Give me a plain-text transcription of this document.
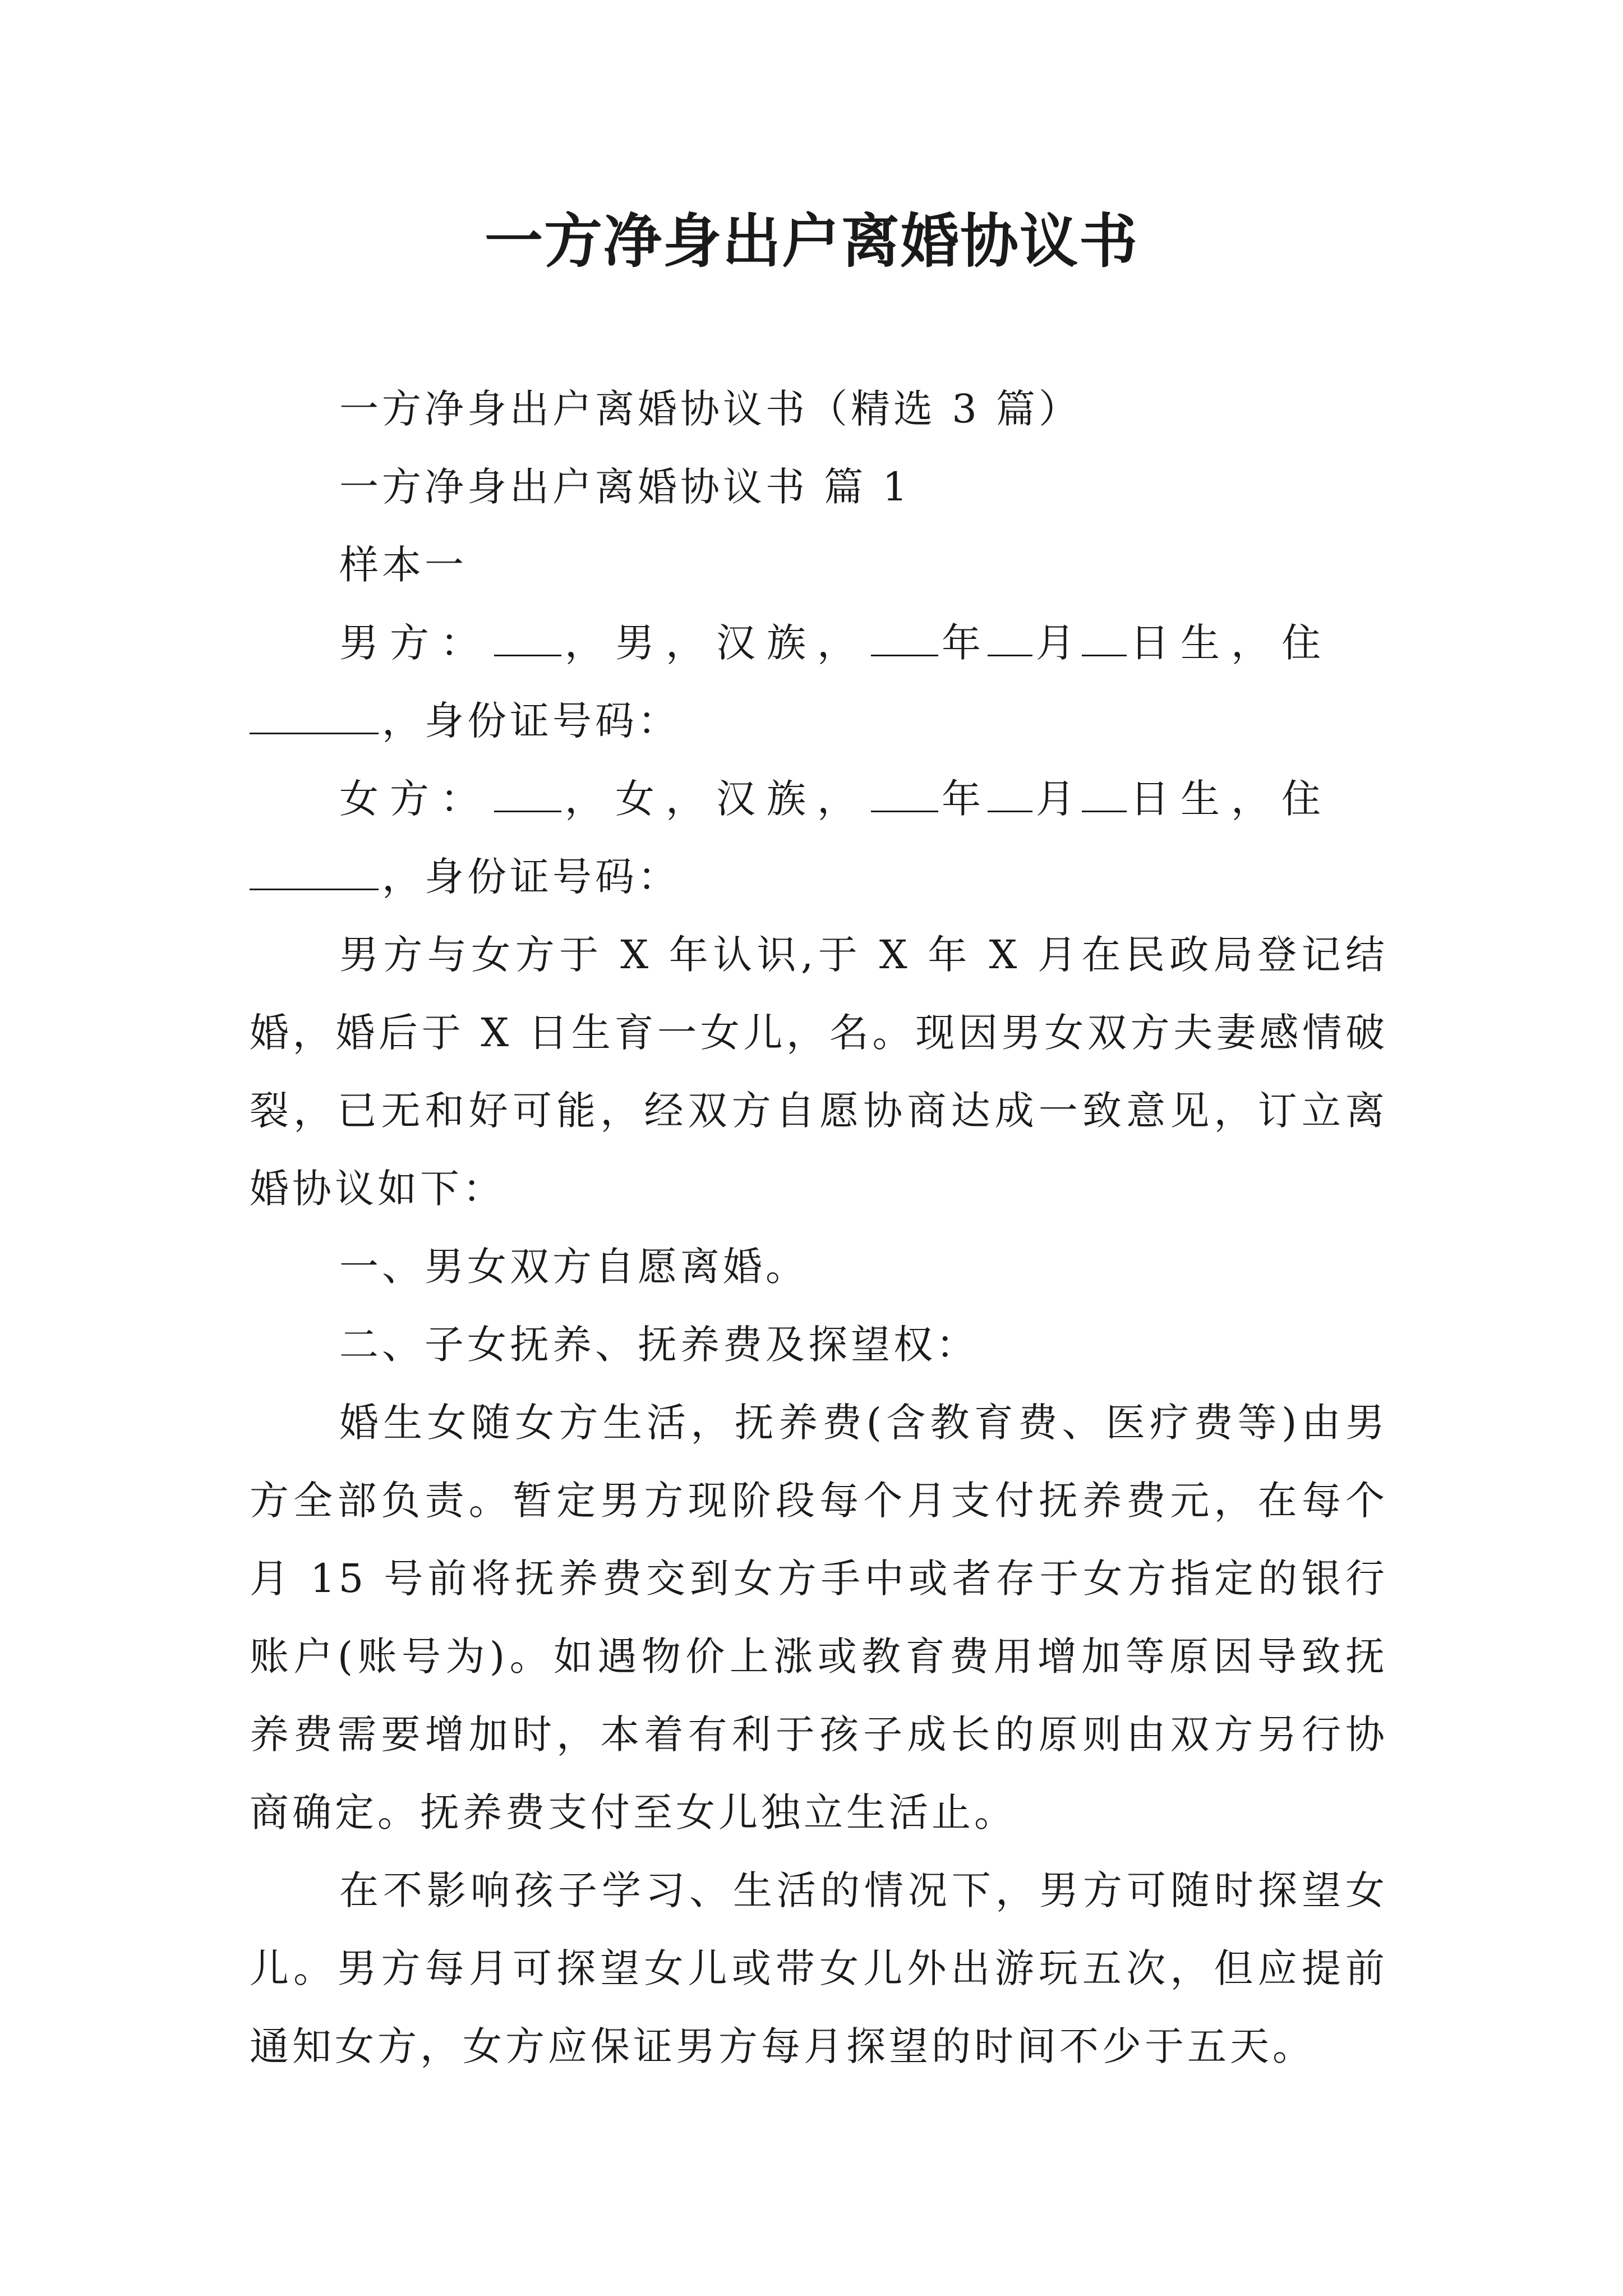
一方净身出户离婚协议书

一方净身出户离婚协议书（精选 3 篇）

一方净身出户离婚协议书 篇 1

样本一

男方： ，男，汉族， 年 月 日生，住

，身份证号码：

女方： ，女，汉族， 年 月 日生，住

，身份证号码：

男方与女方于 X 年认识,于 X 年 X 月在民政局登记结婚，婚后于 X 日生育一女儿，名。现因男女双方夫妻感情破裂，已无和好可能，经双方自愿协商达成一致意见，订立离婚协议如下：

一、男女双方自愿离婚。

二、子女抚养、抚养费及探望权：

婚生女随女方生活，抚养费(含教育费、医疗费等)由男方全部负责。暂定男方现阶段每个月支付抚养费元，在每个月 15 号前将抚养费交到女方手中或者存于女方指定的银行账户(账号为)。如遇物价上涨或教育费用增加等原因导致抚养费需要增加时，本着有利于孩子成长的原则由双方另行协商确定。抚养费支付至女儿独立生活止。

在不影响孩子学习、生活的情况下，男方可随时探望女儿。男方每月可探望女儿或带女儿外出游玩五次，但应提前通知女方，女方应保证男方每月探望的时间不少于五天。
